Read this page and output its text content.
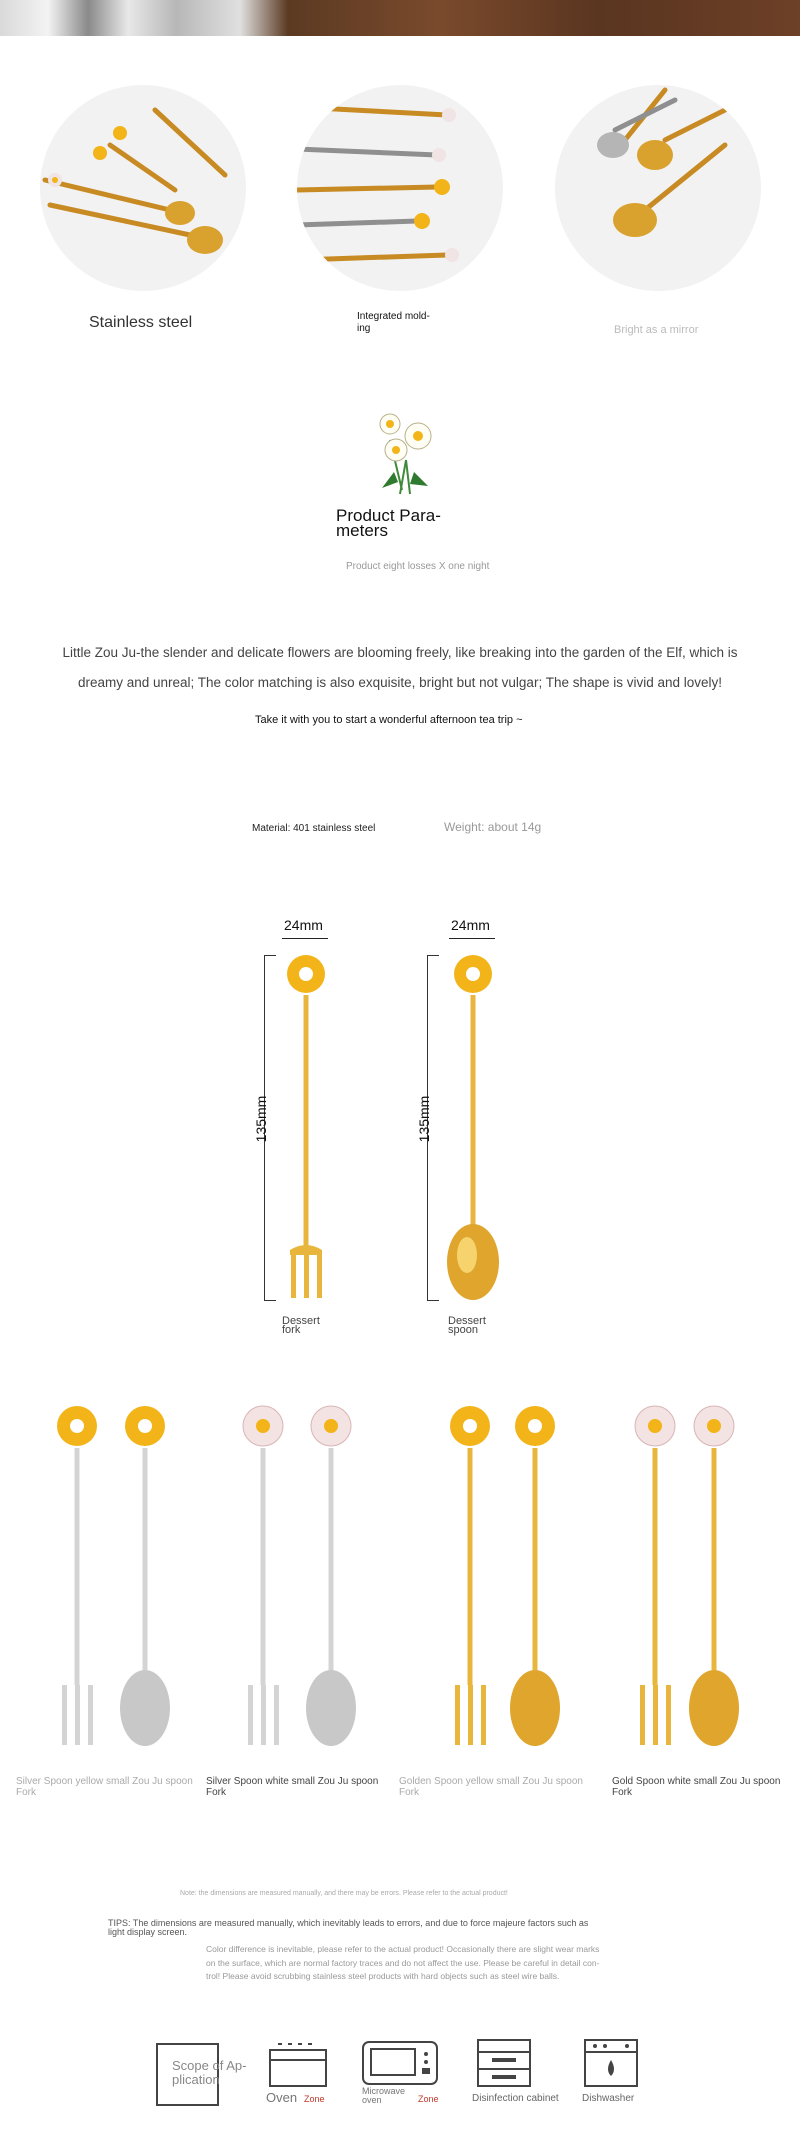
Stainless steel	Integrated mold-
ing	Bright as a mirror
Product Para-
meters
Product eight losses X one night
Little Zou Ju-the slender and delicate flowers are blooming freely, like breaking into the garden of the Elf, which is
dreamy and unreal; The color matching is also exquisite, bright but not vulgar; The shape is vivid and lovely!
Take it with you to start a wonderful afternoon tea trip ~
Material: 401 stainless steel	Weight: about 14g
24mm	24mm
135mm	135mm
Dessert
fork
Dessert
spoon
Silver Spoon yellow small Zou Ju spoon
Fork
Silver Spoon white small Zou Ju spoon
Fork
Golden Spoon yellow small Zou Ju spoon
Fork
Gold Spoon white small Zou Ju spoon
Fork
Note: the dimensions are measured manually, and there may be errors. Please refer to the actual product!
TIPS: The dimensions are measured manually, which inevitably leads to errors, and due to force majeure factors such as
light display screen.
Color difference is inevitable, please refer to the actual product! Occasionally there are slight wear marks
on the surface, which are normal factory traces and do not affect the use. Please be careful in detail con-
trol! Please avoid scrubbing stainless steel products with hard objects such as steel wire balls.
Scope of Ap-
plication
Oven Zone
Microwave
oven	Zone	Disinfection cabinet Dishwasher
